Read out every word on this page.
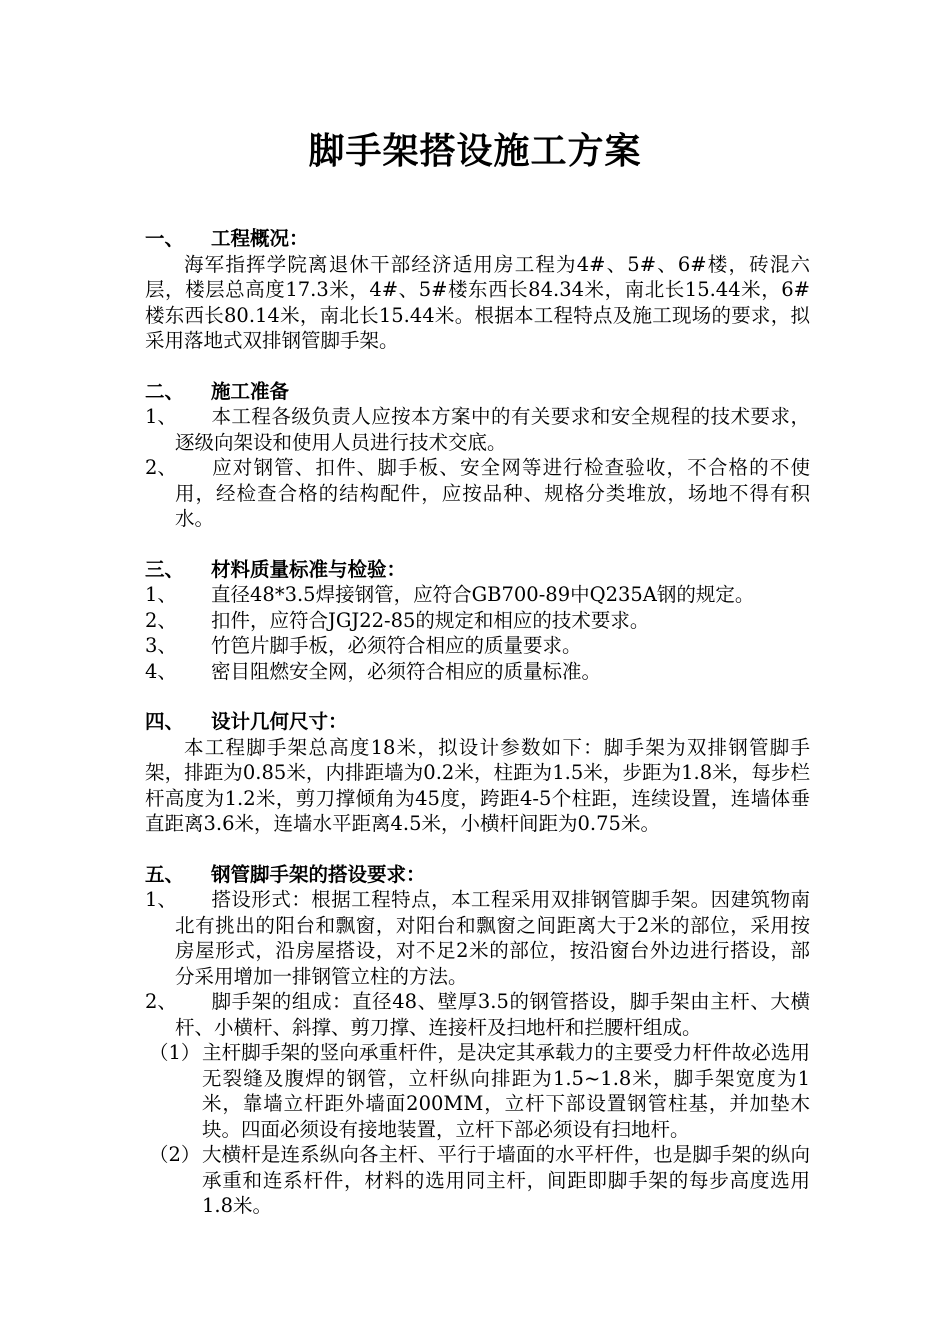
脚手架搭设施工方案
一、 工程概况：
海军指挥学院离退休干部经济适用房工程为4#、5#、6#楼，砖混六层，楼层总高度17.3米，4#、5#楼东西长84.34米，南北长15.44米，6#楼东西长80.14米，南北长15.44米。根据本工程特点及施工现场的要求，拟采用落地式双排钢管脚手架。
二、 施工准备
1、	本工程各级负责人应按本方案中的有关要求和安全规程的技术要求，逐级向架设和使用人员进行技术交底。
2、	应对钢管、扣件、脚手板、安全网等进行检查验收，不合格的不使用，经检查合格的结构配件，应按品种、规格分类堆放，场地不得有积水。
三、 材料质量标准与检验：
1、	直径48*3.5焊接钢管，应符合GB700-89中Q235A钢的规定。
2、	扣件，应符合JGJ22-85的规定和相应的技术要求。
3、	竹笆片脚手板，必须符合相应的质量要求。
4、	密目阻燃安全网，必须符合相应的质量标准。
四、 设计几何尺寸：
本工程脚手架总高度18米，拟设计参数如下：脚手架为双排钢管脚手架，排距为0.85米，内排距墙为0.2米，柱距为1.5米，步距为1.8米，每步栏杆高度为1.2米，剪刀撑倾角为45度，跨距4-5个柱距，连续设置，连墙体垂直距离3.6米，连墙水平距离4.5米，小横杆间距为0.75米。
五、 钢管脚手架的搭设要求：
1、	搭设形式：根据工程特点，本工程采用双排钢管脚手架。因建筑物南北有挑出的阳台和飘窗，对阳台和飘窗之间距离大于2米的部位，采用按房屋形式，沿房屋搭设，对不足2米的部位，按沿窗台外边进行搭设，部分采用增加一排钢管立柱的方法。
2、	脚手架的组成：直径48、壁厚3.5的钢管搭设，脚手架由主杆、大横杆、小横杆、斜撑、剪刀撑、连接杆及扫地杆和拦腰杆组成。
（1） 主杆脚手架的竖向承重杆件，是决定其承载力的主要受力杆件故必选用无裂缝及腹焊的钢管，立杆纵向排距为1.5~1.8米，脚手架宽度为1米，靠墙立杆距外墙面200MM，立杆下部设置钢管柱基，并加垫木块。四面必须设有接地装置，立杆下部必须设有扫地杆。
（2） 大横杆是连系纵向各主杆、平行于墙面的水平杆件，也是脚手架的纵向承重和连系杆件，材料的选用同主杆，间距即脚手架的每步高度选用1.8米。
